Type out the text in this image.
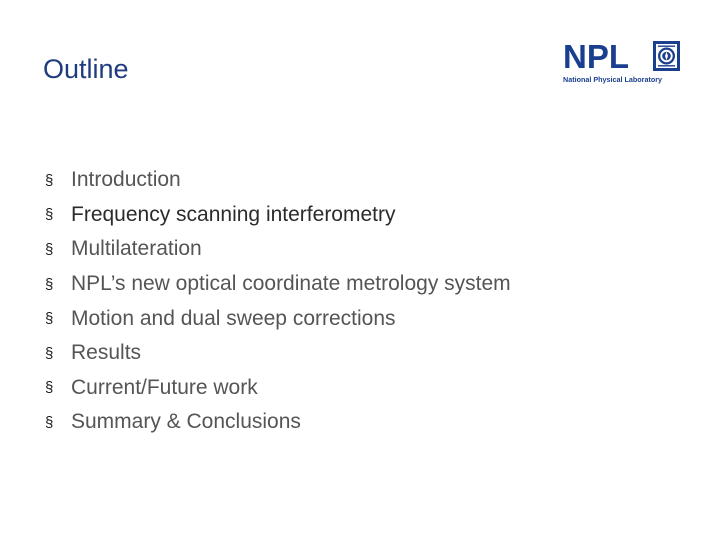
Outline	NPL
National Physical Laboratory
§ Introduction
§ Frequency scanning interferometry
§ Multilateration
§ NPL’s new optical coordinate metrology system
§ Motion and dual sweep corrections
§ Results
§ Current/Future work
§ Summary & Conclusions
